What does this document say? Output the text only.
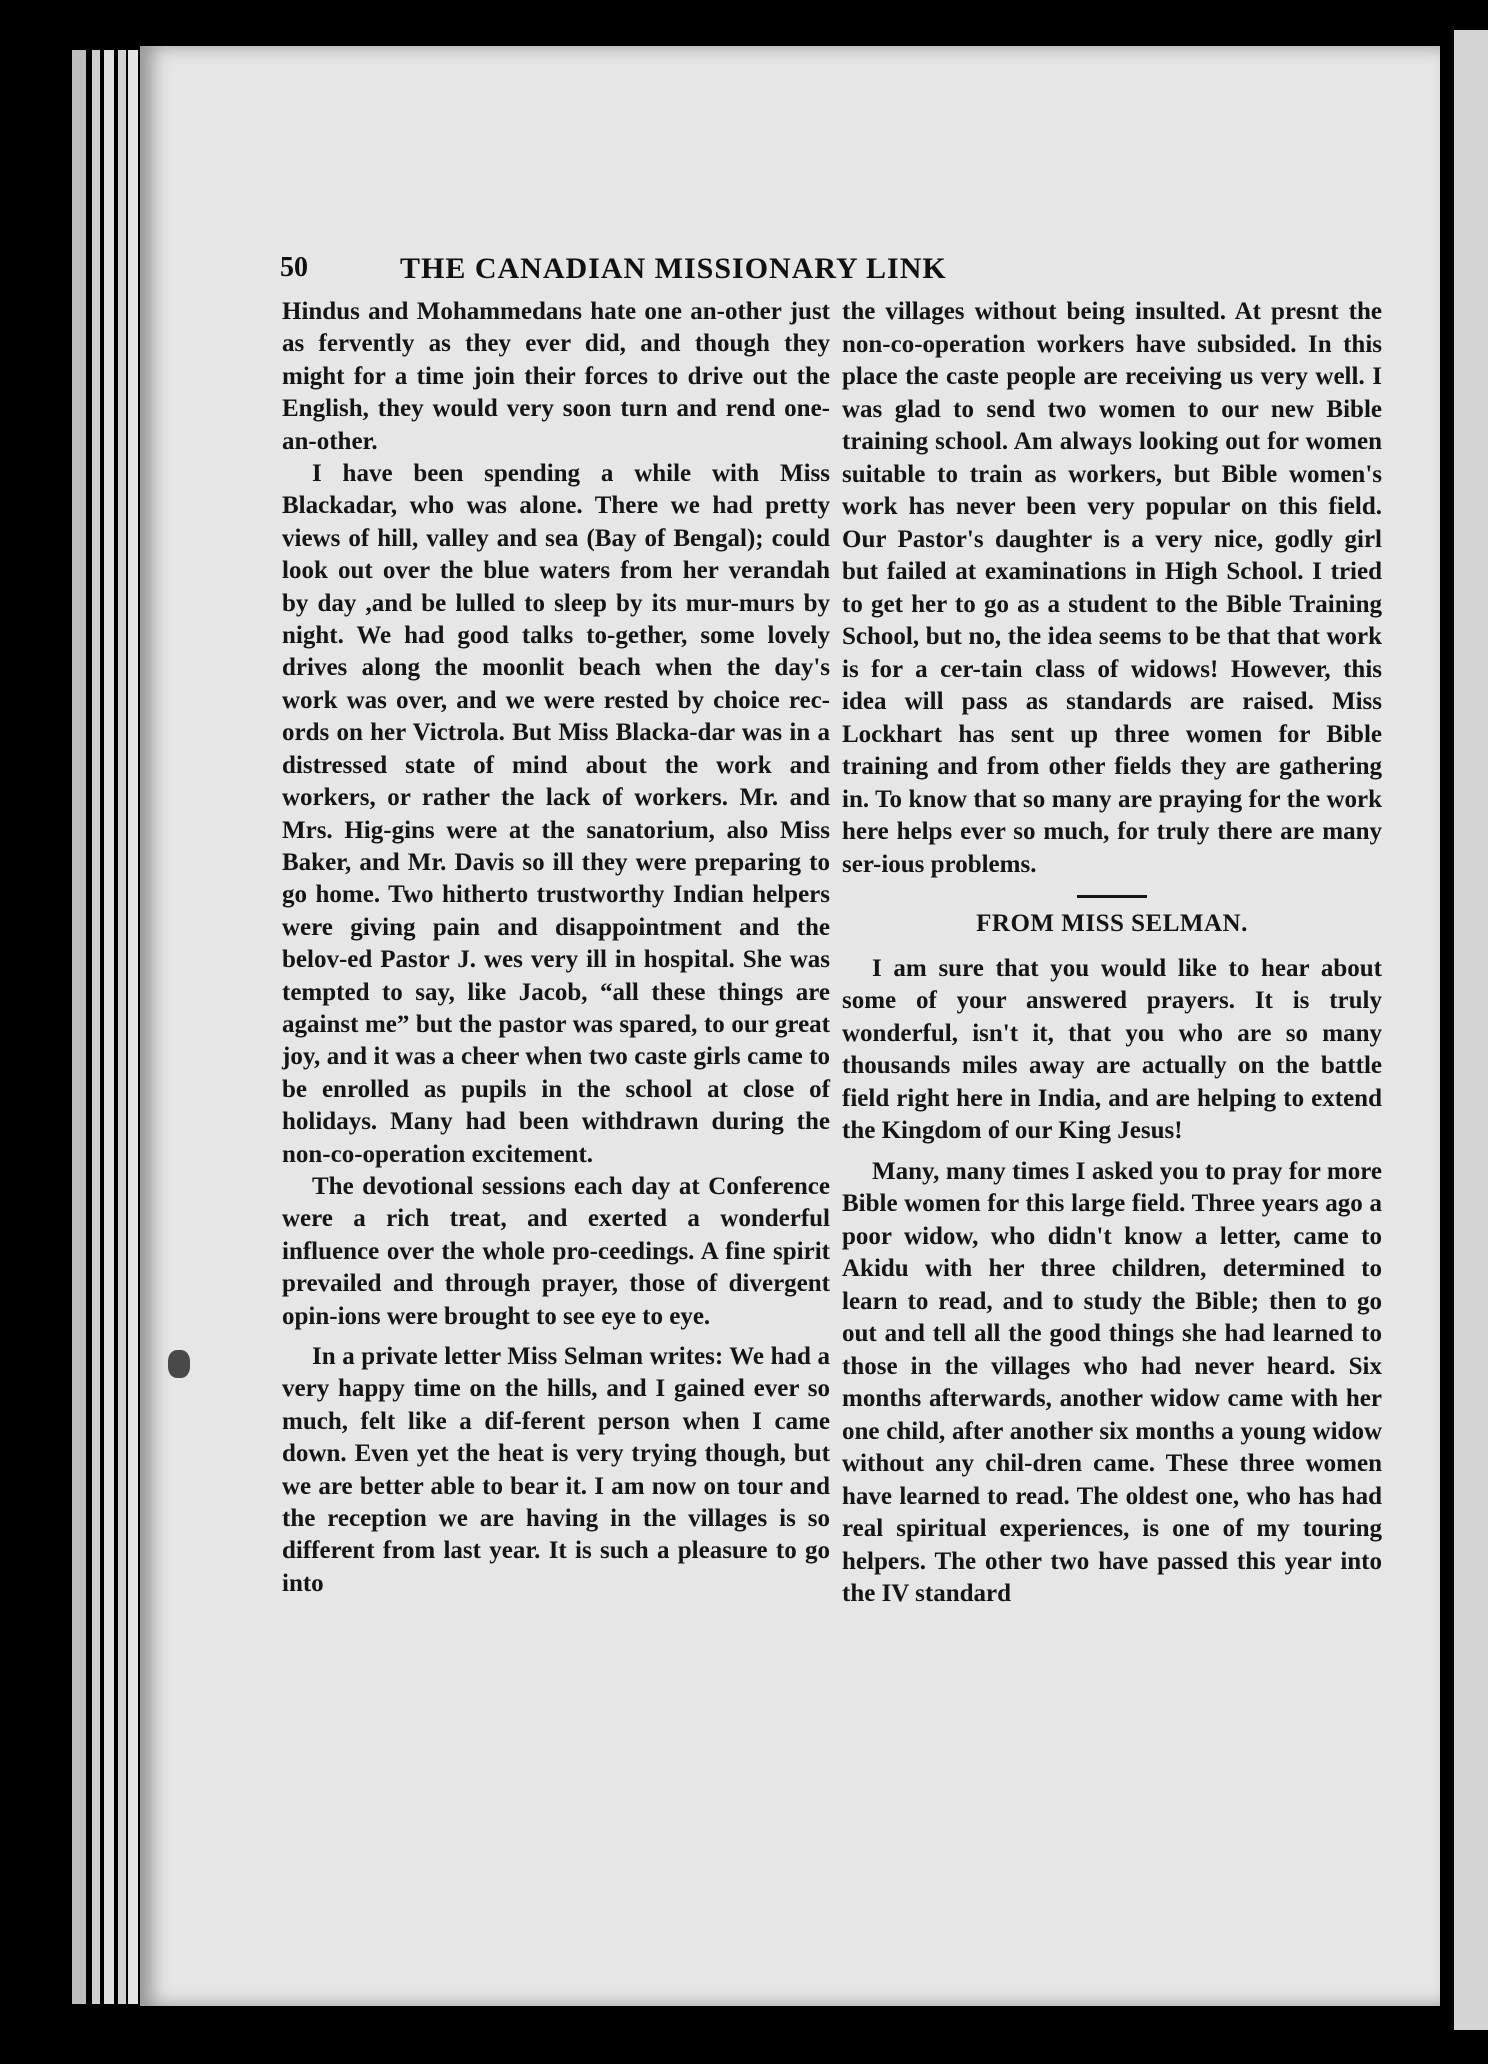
50	THE CANADIAN MISSIONARY LINK

Hindus and Mohammedans hate one an-other just as fervently as they ever did, and though they might for a time join their forces to drive out the English, they would very soon turn and rend one-an-other.

I have been spending a while with Miss Blackadar, who was alone. There we had pretty views of hill, valley and sea (Bay of Bengal); could look out over the blue waters from her verandah by day ,and be lulled to sleep by its mur-murs by night. We had good talks to-gether, some lovely drives along the moonlit beach when the day's work was over, and we were rested by choice rec-ords on her Victrola. But Miss Blacka-dar was in a distressed state of mind about the work and workers, or rather the lack of workers. Mr. and Mrs. Hig-gins were at the sanatorium, also Miss Baker, and Mr. Davis so ill they were preparing to go home. Two hitherto trustworthy Indian helpers were giving pain and disappointment and the belov-ed Pastor J. wes very ill in hospital. She was tempted to say, like Jacob, “all these things are against me” but the pastor was spared, to our great joy, and it was a cheer when two caste girls came to be enrolled as pupils in the school at close of holidays. Many had been withdrawn during the non-co-operation excitement.

The devotional sessions each day at Conference were a rich treat, and exerted a wonderful influence over the whole pro-ceedings. A fine spirit prevailed and through prayer, those of divergent opin-ions were brought to see eye to eye.

In a private letter Miss Selman writes: We had a very happy time on the hills, and I gained ever so much, felt like a dif-ferent person when I came down. Even yet the heat is very trying though, but we are better able to bear it. I am now on tour and the reception we are having in the villages is so different from last year. It is such a pleasure to go into

the villages without being insulted. At presnt the non-co-operation workers have subsided. In this place the caste people are receiving us very well. I was glad to send two women to our new Bible training school. Am always looking out for women suitable to train as workers, but Bible women's work has never been very popular on this field. Our Pastor's daughter is a very nice, godly girl but failed at examinations in High School. I tried to get her to go as a student to the Bible Training School, but no, the idea seems to be that that work is for a cer-tain class of widows! However, this idea will pass as standards are raised. Miss Lockhart has sent up three women for Bible training and from other fields they are gathering in. To know that so many are praying for the work here helps ever so much, for truly there are many ser-ious problems.

FROM MISS SELMAN.

I am sure that you would like to hear about some of your answered prayers. It is truly wonderful, isn't it, that you who are so many thousands miles away are actually on the battle field right here in India, and are helping to extend the Kingdom of our King Jesus!

Many, many times I asked you to pray for more Bible women for this large field. Three years ago a poor widow, who didn't know a letter, came to Akidu with her three children, determined to learn to read, and to study the Bible; then to go out and tell all the good things she had learned to those in the villages who had never heard. Six months afterwards, another widow came with her one child, after another six months a young widow without any chil-dren came. These three women have learned to read. The oldest one, who has had real spiritual experiences, is one of my touring helpers. The other two have passed this year into the IV standard
